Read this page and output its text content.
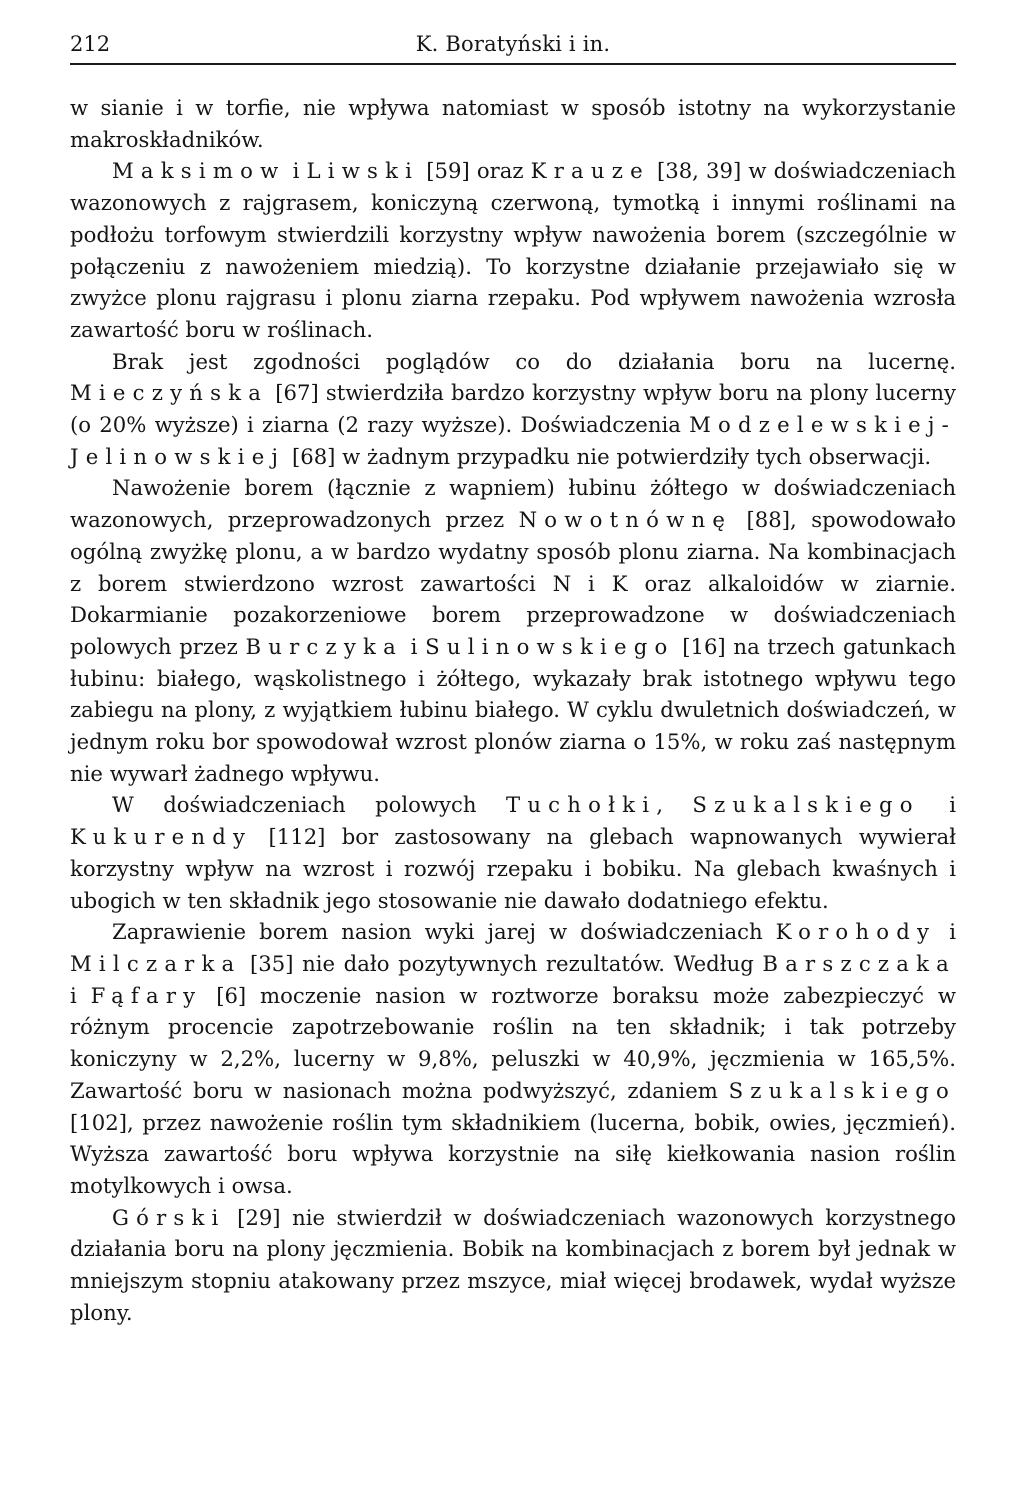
212	K. Boratyński i in.

w sianie i w torfie, nie wpływa natomiast w sposób istotny na wykorzystanie makroskładników.

Maksimow i Liwski [59] oraz Krauze [38, 39] w doświadczeniach wazonowych z rajgrasem, koniczyną czerwoną, tymotką i innymi roślinami na podłożu torfowym stwierdzili korzystny wpływ nawożenia borem (szczególnie w połączeniu z nawożeniem miedzią). To korzystne działanie przejawiało się w zwyżce plonu rajgrasu i plonu ziarna rzepaku. Pod wpływem nawożenia wzrosła zawartość boru w roślinach.

Brak jest zgodności poglądów co do działania boru na lucernę. Mieczyńska [67] stwierdziła bardzo korzystny wpływ boru na plony lucerny (o 20% wyższe) i ziarna (2 razy wyższe). Doświadczenia Modzelewskiej-Jelinowskiej [68] w żadnym przypadku nie potwierdziły tych obserwacji.

Nawożenie borem (łącznie z wapniem) łubinu żółtego w doświadczeniach wazonowych, przeprowadzonych przez Nowotnównę [88], spowodowało ogólną zwyżkę plonu, a w bardzo wydatny sposób plonu ziarna. Na kombinacjach z borem stwierdzono wzrost zawartości N i K oraz alkaloidów w ziarnie. Dokarmianie pozakorzeniowe borem przeprowadzone w doświadczeniach polowych przez Burczyka i Sulinowskiego [16] na trzech gatunkach łubinu: białego, wąskolistnego i żółtego, wykazały brak istotnego wpływu tego zabiegu na plony, z wyjątkiem łubinu białego. W cyklu dwuletnich doświadczeń, w jednym roku bor spowodował wzrost plonów ziarna o 15%, w roku zaś następnym nie wywarł żadnego wpływu.

W doświadczeniach polowych Tuchołki, Szukalskiego i Kukurendy [112] bor zastosowany na glebach wapnowanych wywierał korzystny wpływ na wzrost i rozwój rzepaku i bobiku. Na glebach kwaśnych i ubogich w ten składnik jego stosowanie nie dawało dodatniego efektu.

Zaprawienie borem nasion wyki jarej w doświadczeniach Korohody i Milczarka [35] nie dało pozytywnych rezultatów. Według Barszczaka i Fąfary [6] moczenie nasion w roztworze boraksu może zabezpieczyć w różnym procencie zapotrzebowanie roślin na ten składnik; i tak potrzeby koniczyny w 2,2%, lucerny w 9,8%, peluszki w 40,9%, jęczmienia w 165,5%. Zawartość boru w nasionach można podwyższyć, zdaniem Szukalskiego [102], przez nawożenie roślin tym składnikiem (lucerna, bobik, owies, jęczmień). Wyższa zawartość boru wpływa korzystnie na siłę kiełkowania nasion roślin motylkowych i owsa.

Górski [29] nie stwierdził w doświadczeniach wazonowych korzystnego działania boru na plony jęczmienia. Bobik na kombinacjach z borem był jednak w mniejszym stopniu atakowany przez mszyce, miał więcej brodawek, wydał wyższe plony.
